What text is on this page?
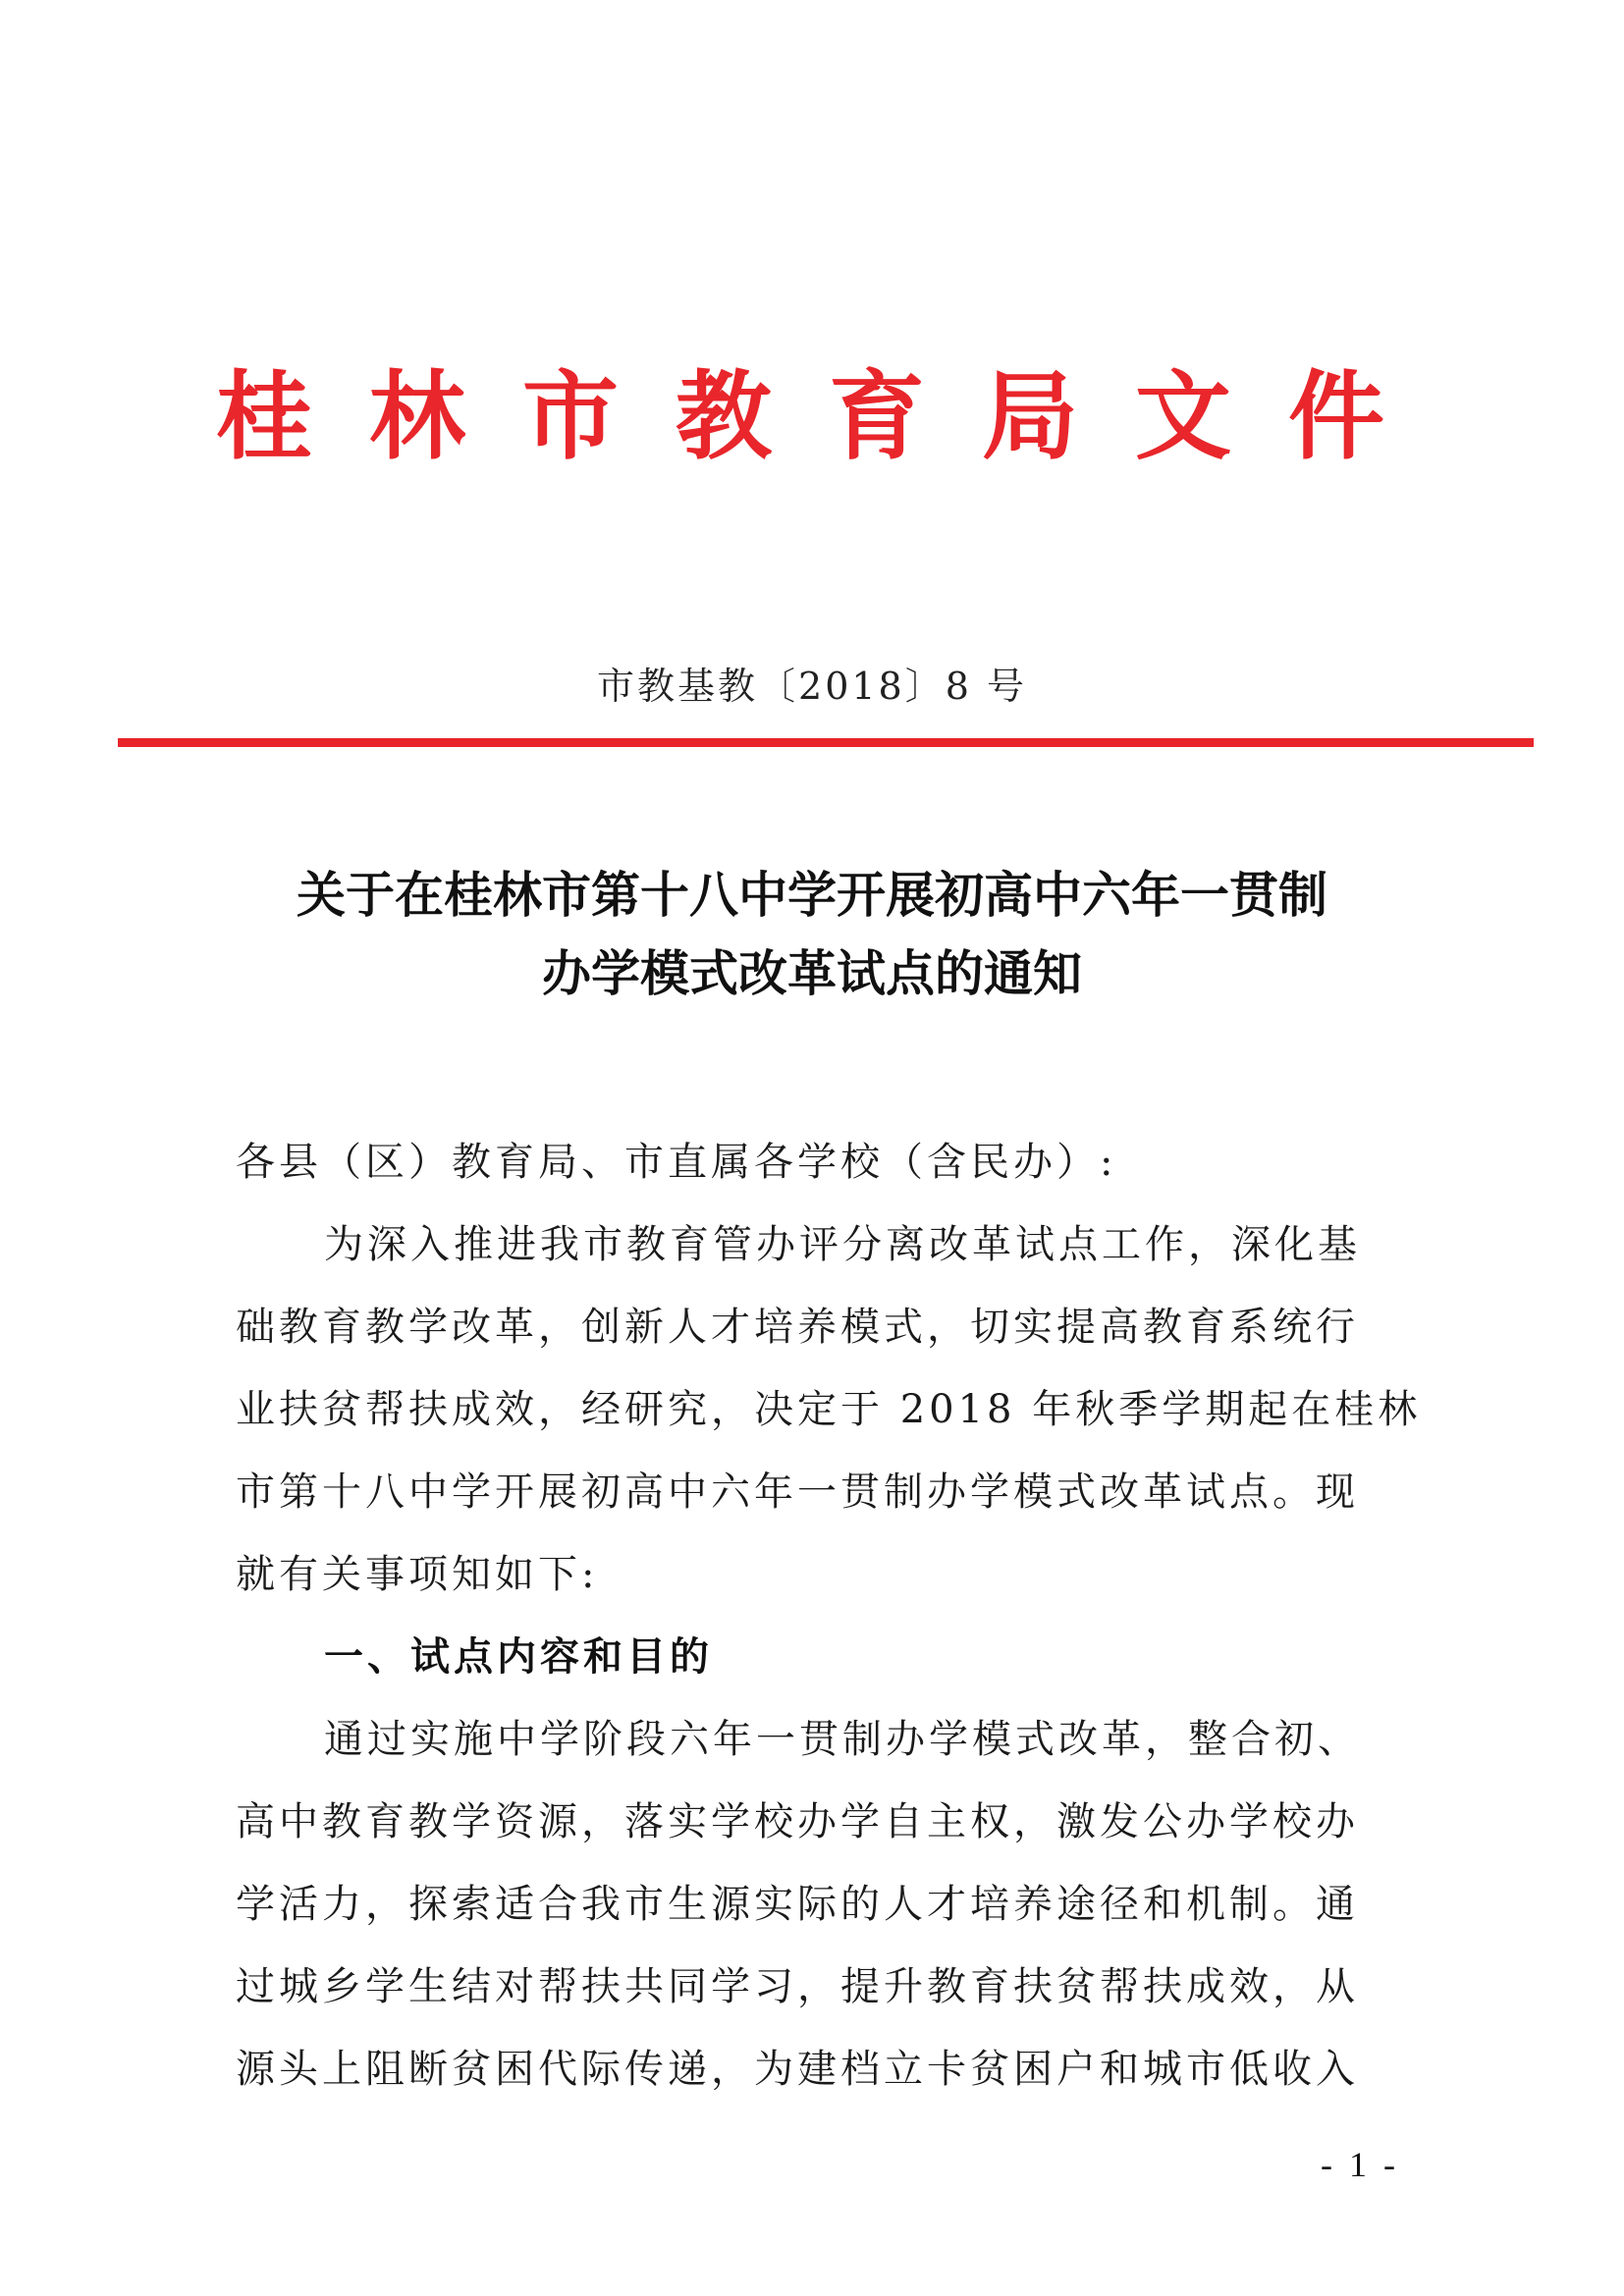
桂林市教育局文件
市教基教〔2018〕8 号
关于在桂林市第十八中学开展初高中六年一贯制
办学模式改革试点的通知
各县（区）教育局、市直属各学校（含民办）:
为深入推进我市教育管办评分离改革试点工作，深化基
础教育教学改革，创新人才培养模式，切实提高教育系统行
业扶贫帮扶成效，经研究，决定于 2018 年秋季学期起在桂林
市第十八中学开展初高中六年一贯制办学模式改革试点。现
就有关事项知如下:
一、试点内容和目的
通过实施中学阶段六年一贯制办学模式改革，整合初、
高中教育教学资源，落实学校办学自主权，激发公办学校办
学活力，探索适合我市生源实际的人才培养途径和机制。通
过城乡学生结对帮扶共同学习，提升教育扶贫帮扶成效，从
源头上阻断贫困代际传递，为建档立卡贫困户和城市低收入
- 1 -
